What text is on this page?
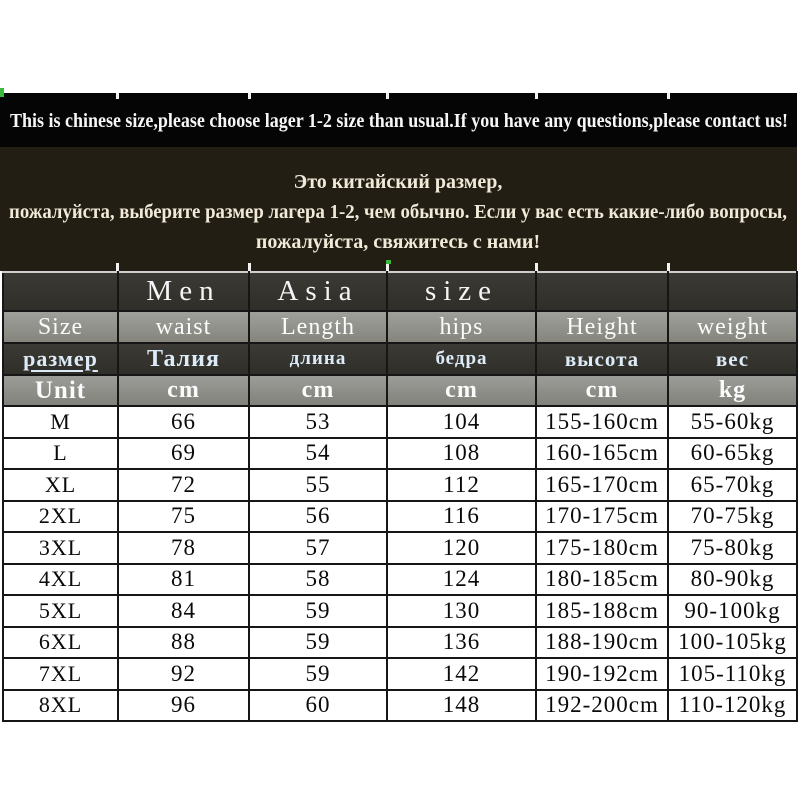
This is chinese size,please choose lager 1-2 size than usual.If you have any questions,please contact us!
Это китайский размер,
пожалуйста, выберите размер лагера 1-2, чем обычно. Если у вас есть какие-либо вопросы,
пожалуйста, свяжитесь с нами!
	Men	Asia	size		
Size	waist	Length	hips	Height	weight
размер	Талия	длина	бедра	высота	вес
Unit	cm	cm	cm	cm	kg
M	66	53	104	155-160cm	55-60kg
L	69	54	108	160-165cm	60-65kg
XL	72	55	112	165-170cm	65-70kg
2XL	75	56	116	170-175cm	70-75kg
3XL	78	57	120	175-180cm	75-80kg
4XL	81	58	124	180-185cm	80-90kg
5XL	84	59	130	185-188cm	90-100kg
6XL	88	59	136	188-190cm	100-105kg
7XL	92	59	142	190-192cm	105-110kg
8XL	96	60	148	192-200cm	110-120kg
